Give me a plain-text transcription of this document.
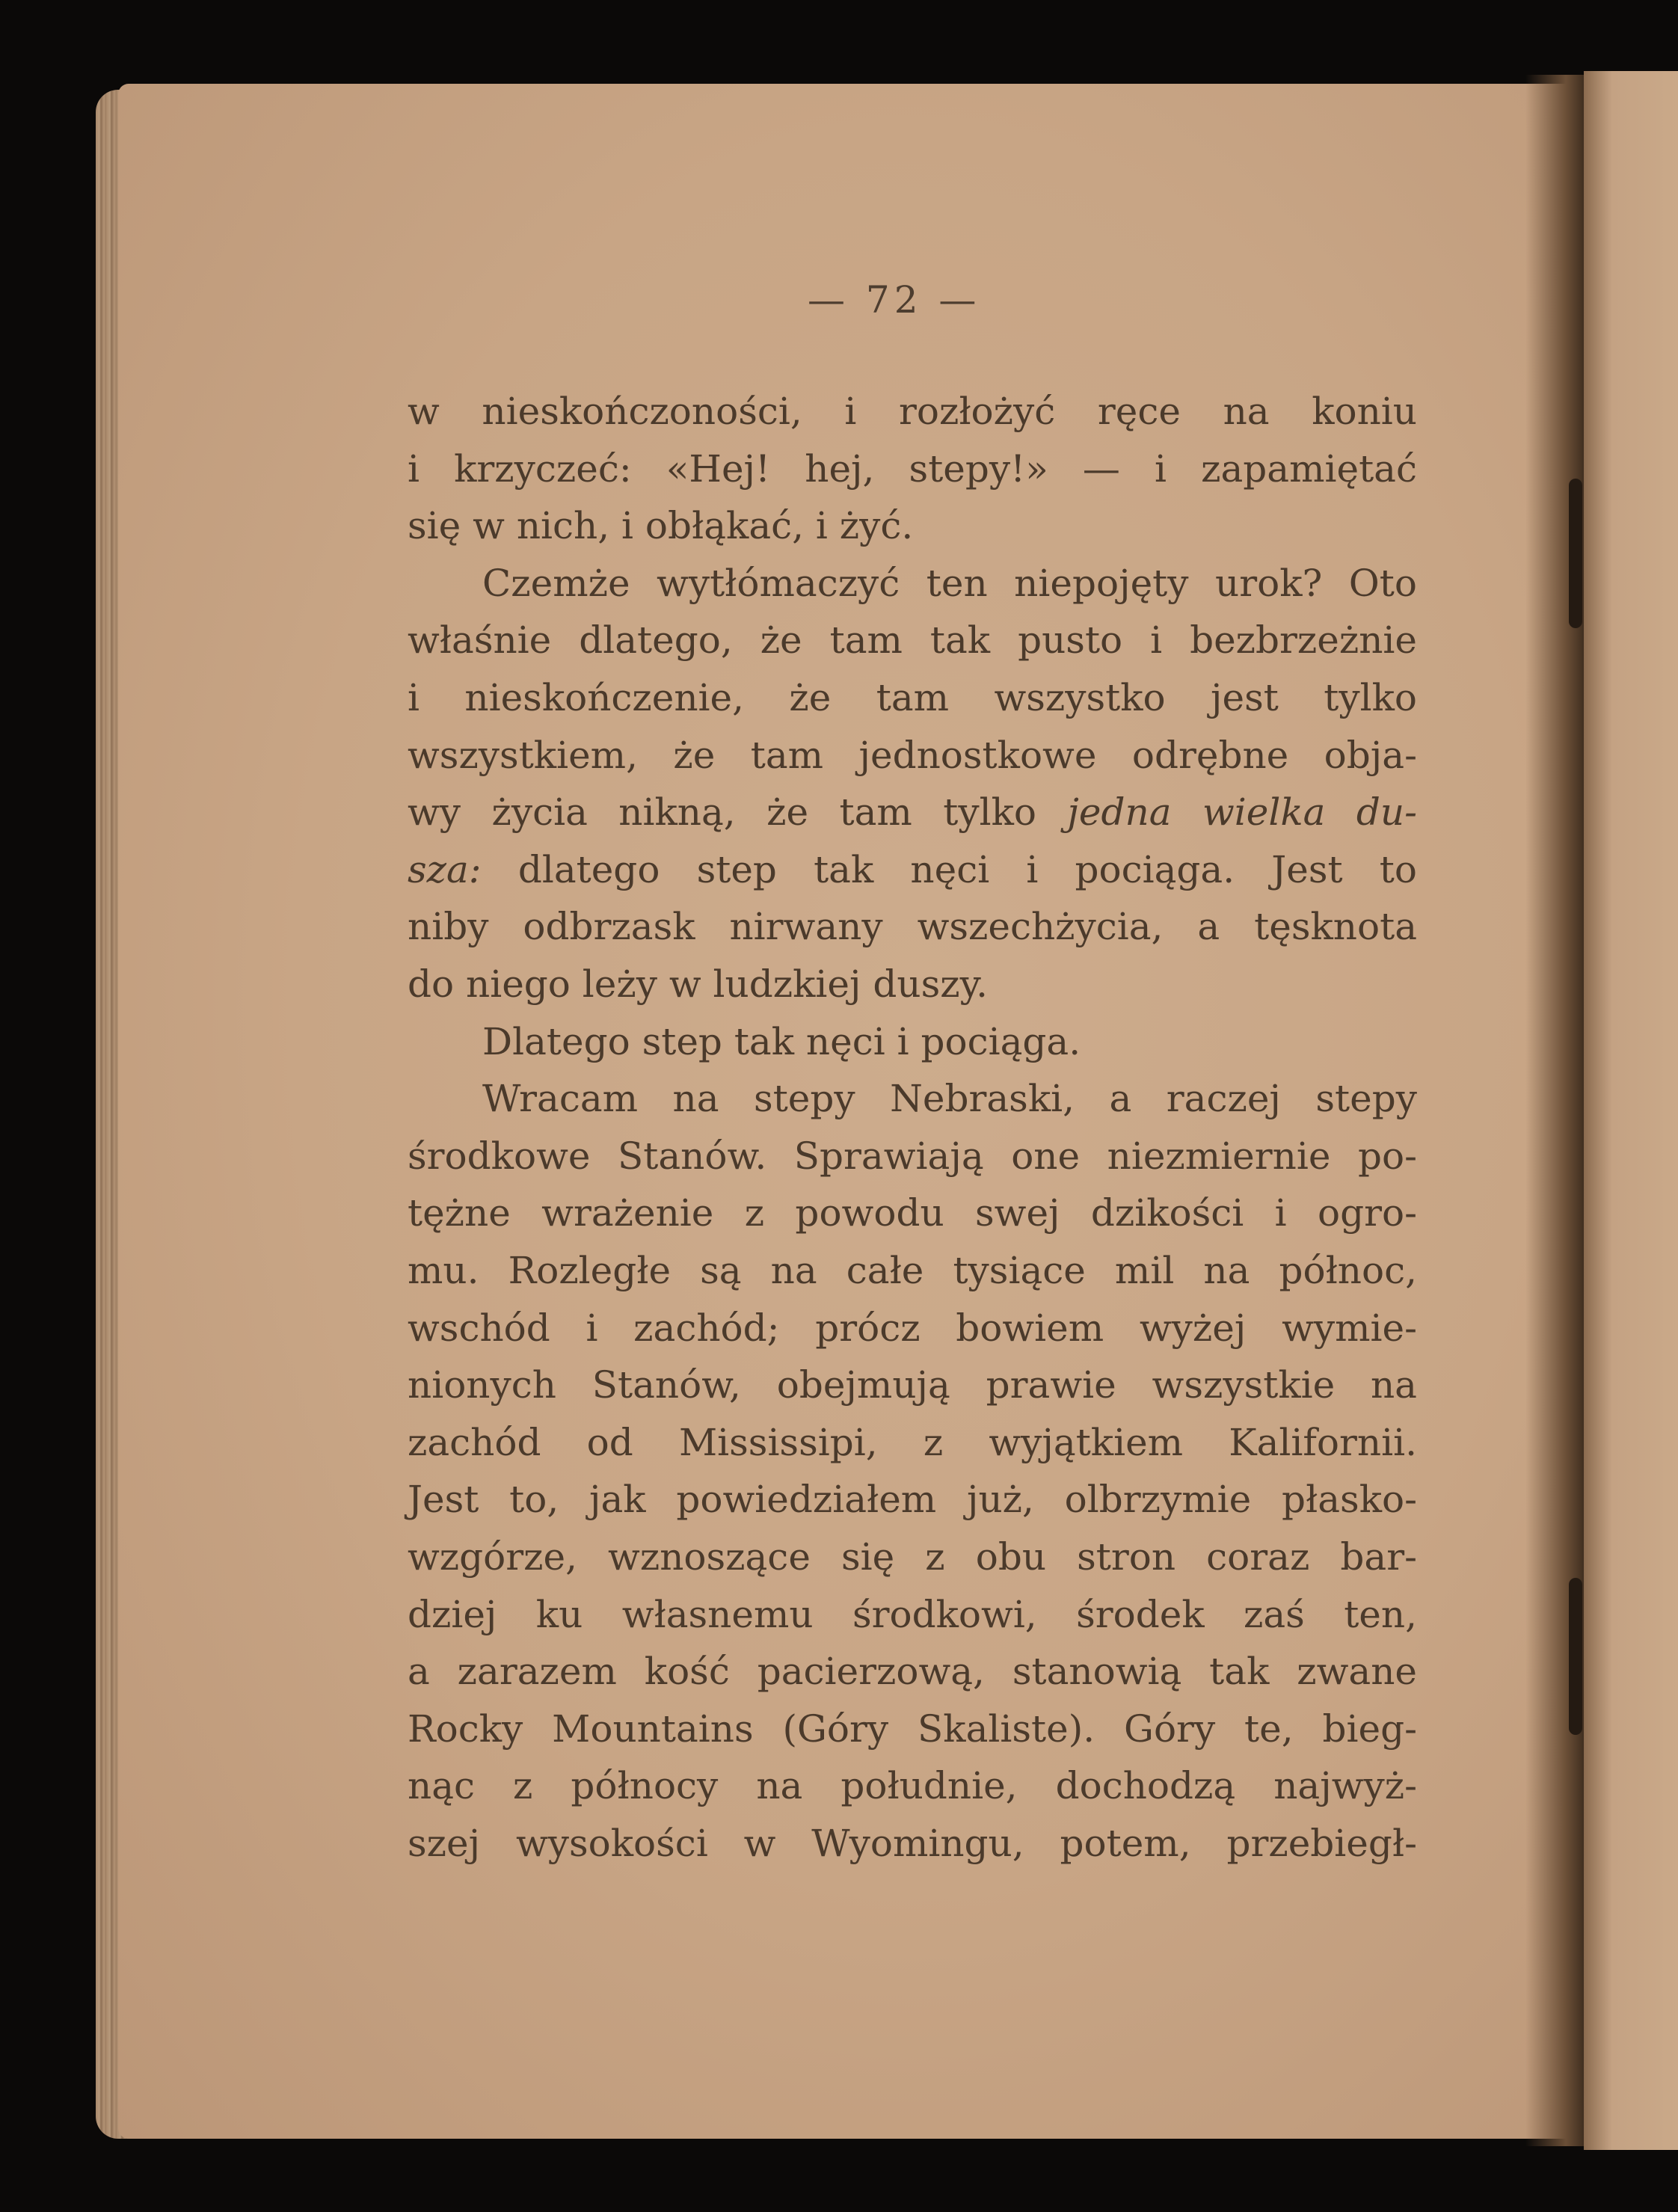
— 72 —
w nieskończoności, i rozłożyć ręce na koniu
i krzyczeć: «Hej! hej, stepy!» — i zapamiętać
się w nich, i obłąkać, i żyć.
Czemże wytłómaczyć ten niepojęty urok? Oto
właśnie dlatego, że tam tak pusto i bezbrzeżnie
i nieskończenie, że tam wszystko jest tylko
wszystkiem, że tam jednostkowe odrębne obja-
wy życia nikną, że tam tylko jedna wielka du-
sza: dlatego step tak nęci i pociąga. Jest to
niby odbrzask nirwany wszechżycia, a tęsknota
do niego leży w ludzkiej duszy.
Dlatego step tak nęci i pociąga.
Wracam na stepy Nebraski, a raczej stepy
środkowe Stanów. Sprawiają one niezmiernie po-
tężne wrażenie z powodu swej dzikości i ogro-
mu. Rozległe są na całe tysiące mil na północ,
wschód i zachód; prócz bowiem wyżej wymie-
nionych Stanów, obejmują prawie wszystkie na
zachód od Mississipi, z wyjątkiem Kalifornii.
Jest to, jak powiedziałem już, olbrzymie płasko-
wzgórze, wznoszące się z obu stron coraz bar-
dziej ku własnemu środkowi, środek zaś ten,
a zarazem kość pacierzową, stanowią tak zwane
Rocky Mountains (Góry Skaliste). Góry te, bieg-
nąc z północy na południe, dochodzą najwyż-
szej wysokości w Wyomingu, potem, przebiegł-
